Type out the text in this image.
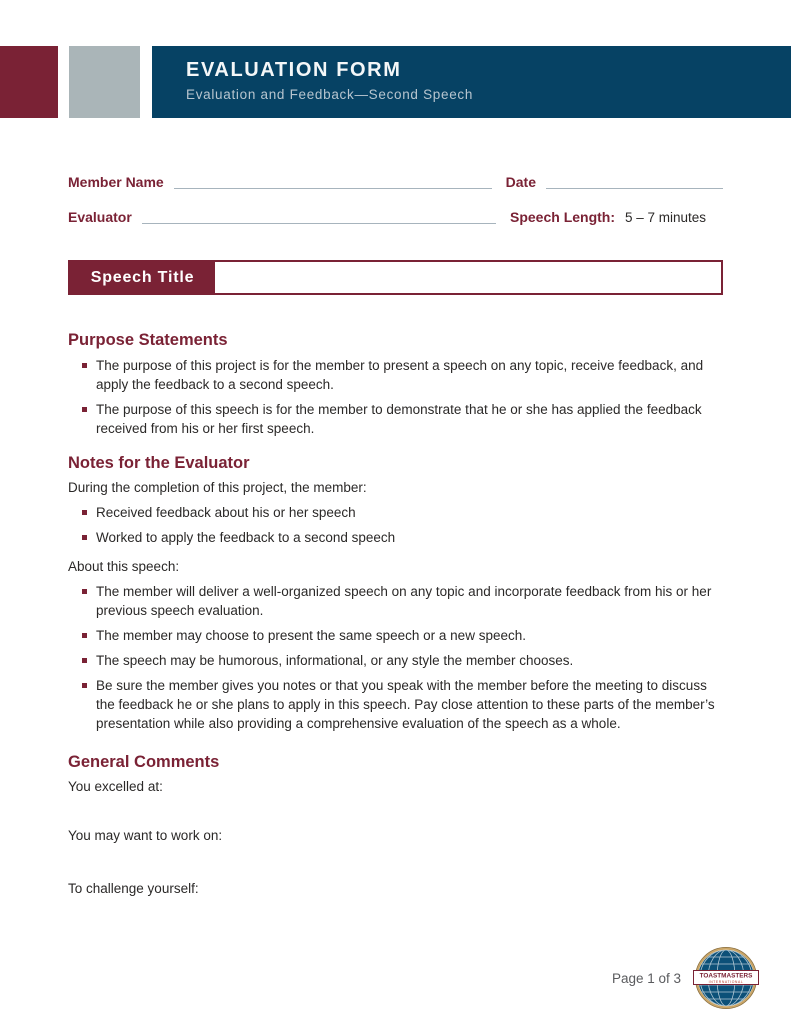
EVALUATION FORM
Evaluation and Feedback—Second Speech
Member Name	Date
Evaluator	Speech Length: 5 – 7 minutes
Speech Title
Purpose Statements
The purpose of this project is for the member to present a speech on any topic, receive feedback, and apply the feedback to a second speech.
The purpose of this speech is for the member to demonstrate that he or she has applied the feedback received from his or her first speech.
Notes for the Evaluator

During the completion of this project, the member:

Received feedback about his or her speech
Worked to apply the feedback to a second speech

About this speech:

The member will deliver a well-organized speech on any topic and incorporate feedback from his or her previous speech evaluation.
The member may choose to present the same speech or a new speech.
The speech may be humorous, informational, or any style the member chooses.
Be sure the member gives you notes or that you speak with the member before the meeting to discuss the feedback he or she plans to apply in this speech. Pay close attention to these parts of the member’s presentation while also providing a comprehensive evaluation of the speech as a whole.
General Comments

You excelled at:

You may want to work on:

To challenge yourself:

Page 1 of 3	TOASTMASTERS
INTERNATIONAL
